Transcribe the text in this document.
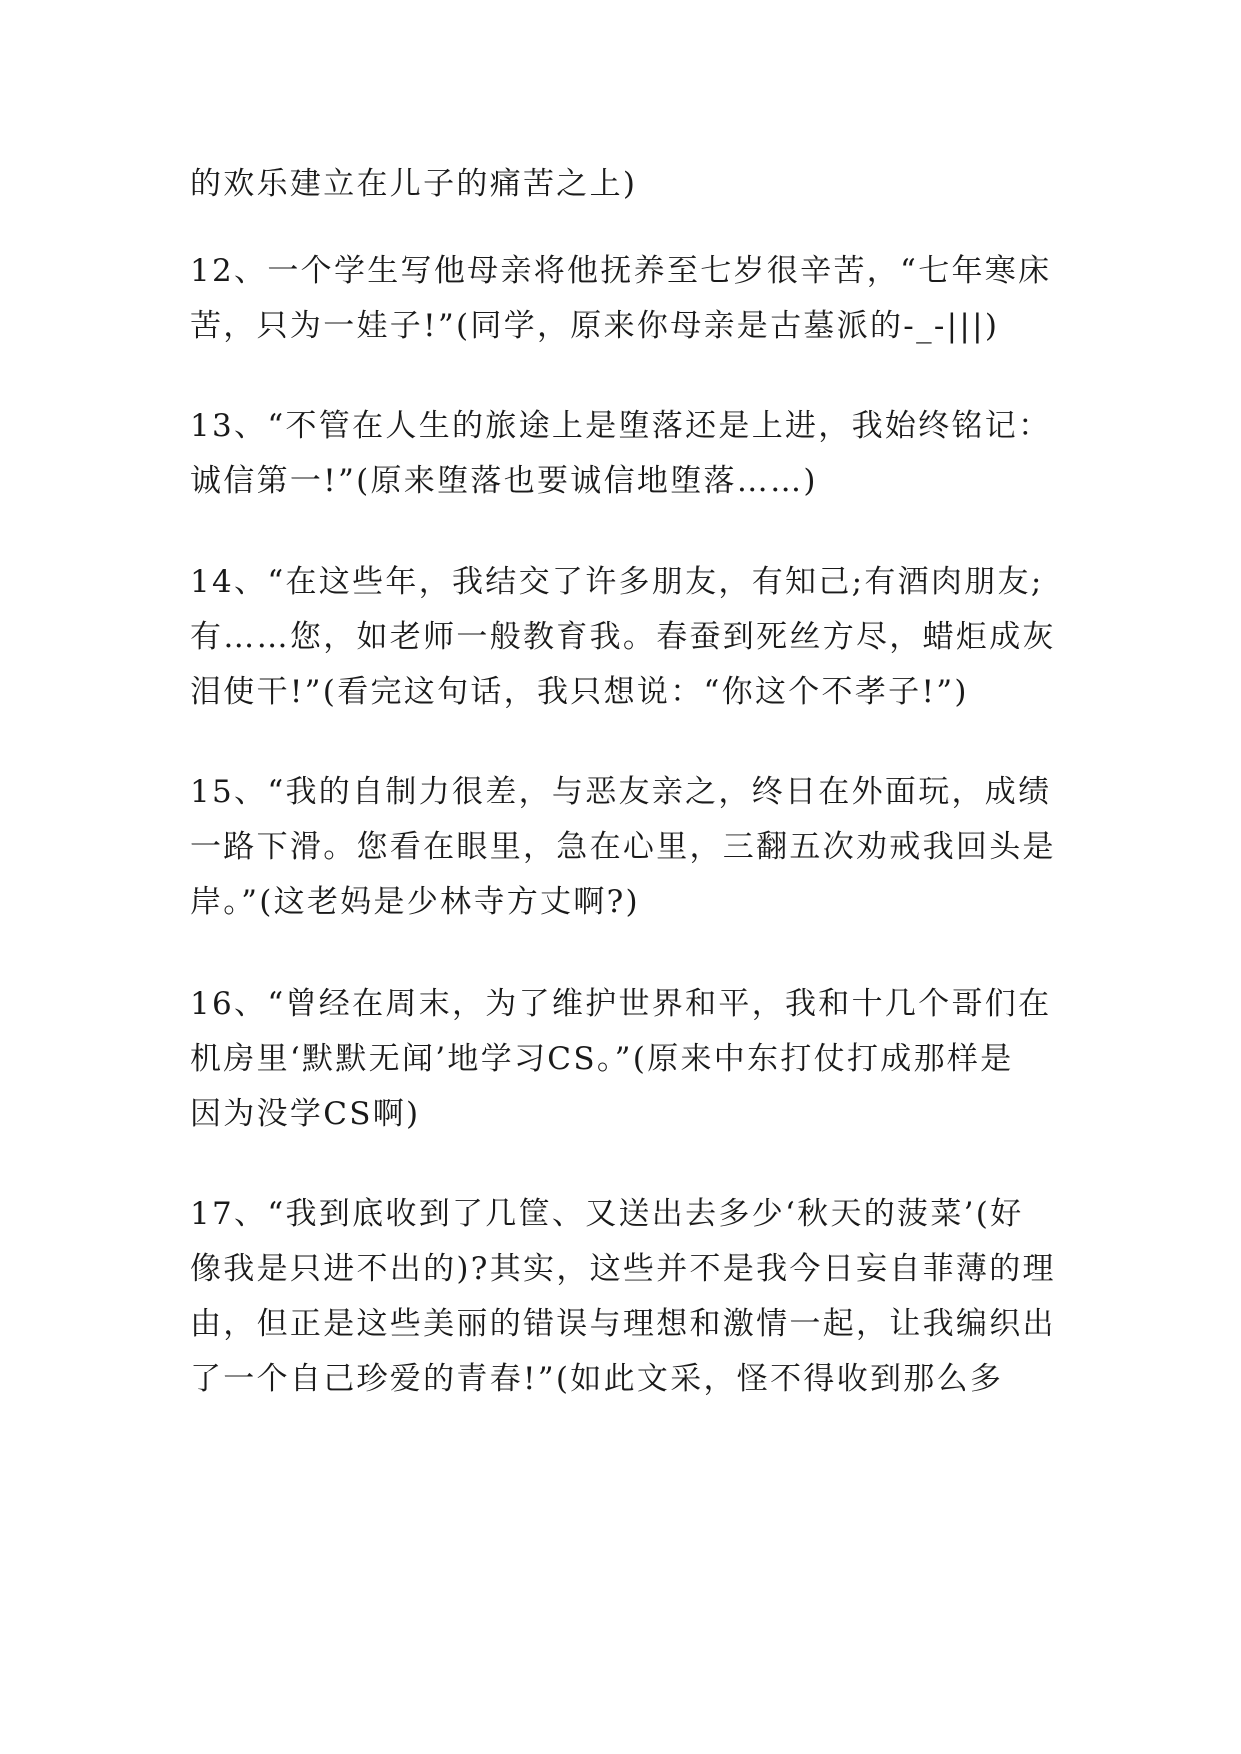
的欢乐建立在儿子的痛苦之上)
12、一个学生写他母亲将他抚养至七岁很辛苦，“七年寒床
苦，只为一娃子!”(同学，原来你母亲是古墓派的-_-|||)
13、“不管在人生的旅途上是堕落还是上进，我始终铭记：
诚信第一!”(原来堕落也要诚信地堕落……)
14、“在这些年，我结交了许多朋友，有知己;有酒肉朋友;
有……您，如老师一般教育我。春蚕到死丝方尽，蜡炬成灰
泪使干!”(看完这句话，我只想说：“你这个不孝子!”)
15、“我的自制力很差，与恶友亲之，终日在外面玩，成绩
一路下滑。您看在眼里，急在心里，三翻五次劝戒我回头是
岸。”(这老妈是少林寺方丈啊?)
16、“曾经在周末，为了维护世界和平，我和十几个哥们在
机房里‘默默无闻’地学习CS。”(原来中东打仗打成那样是
因为没学CS啊)
17、“我到底收到了几筐、又送出去多少‘秋天的菠菜’(好
像我是只进不出的)?其实，这些并不是我今日妄自菲薄的理
由，但正是这些美丽的错误与理想和激情一起，让我编织出
了一个自己珍爱的青春!”(如此文采，怪不得收到那么多
